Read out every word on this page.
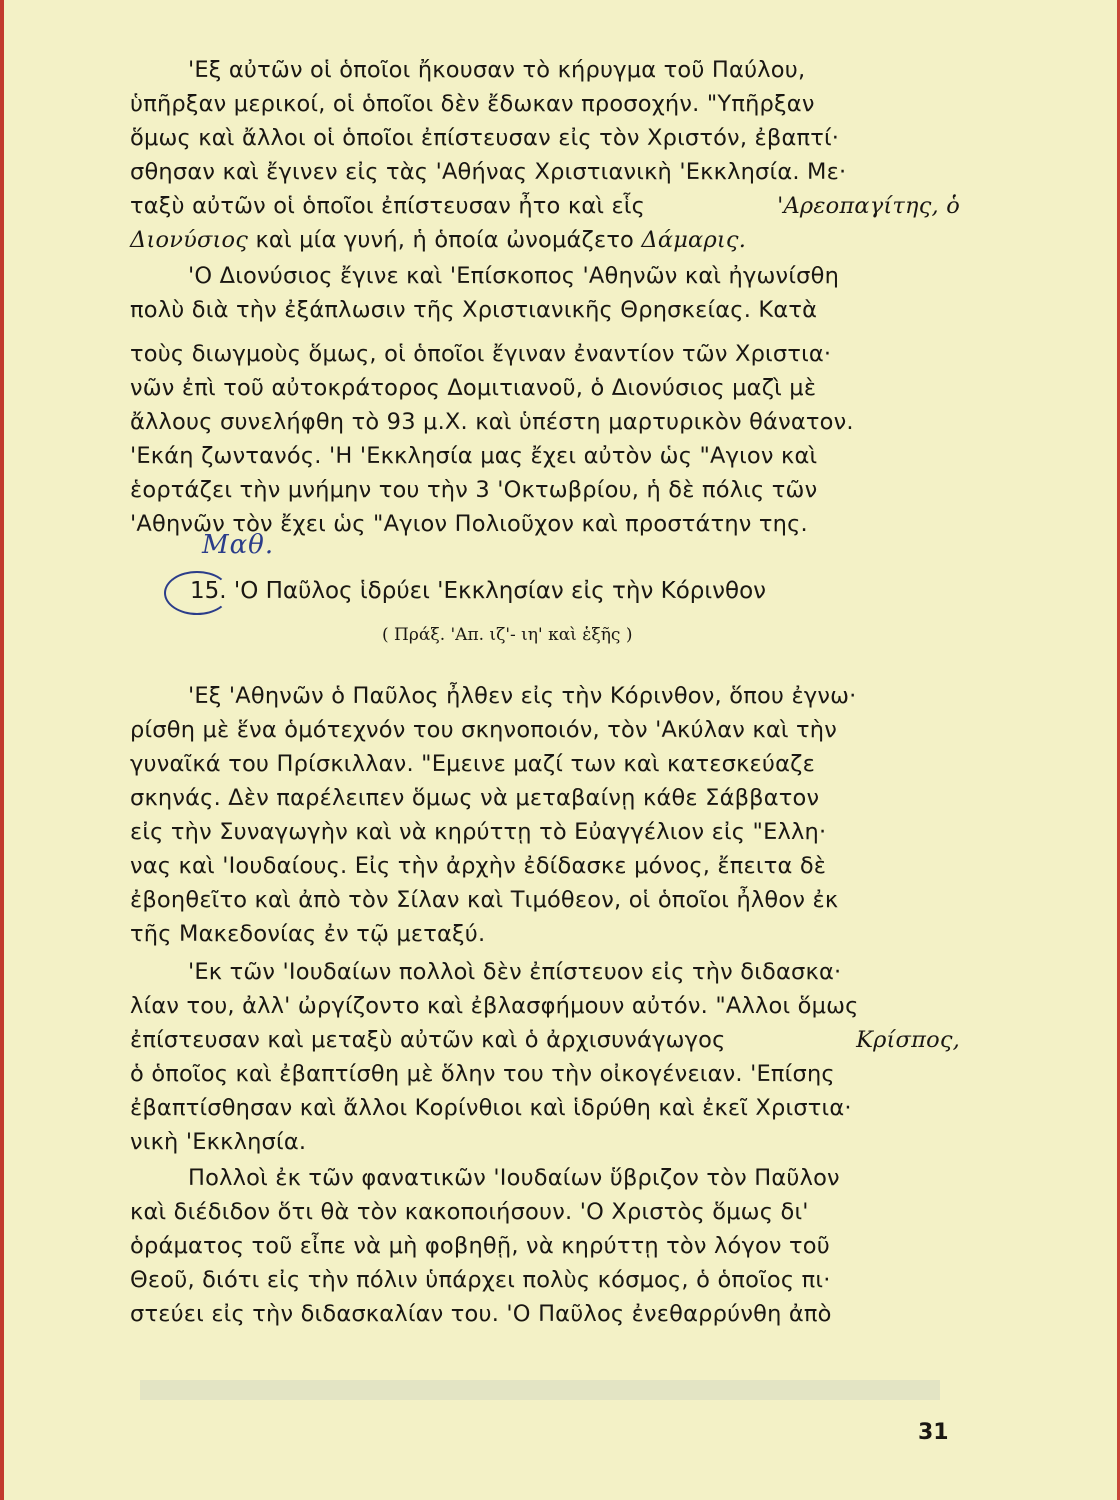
'Εξ αὐτῶν οἱ ὁποῖοι ἤκουσαν τὸ κήρυγμα τοῦ Παύλου,
ὑπῆρξαν μερικοί, οἱ ὁποῖοι δὲν ἔδωκαν προσοχήν. "Υπῆρξαν
ὅμως καὶ ἄλλοι οἱ ὁποῖοι ἐπίστευσαν εἰς τὸν Χριστόν, ἐβαπτί·
σθησαν καὶ ἔγινεν εἰς τὰς 'Αθήνας Χριστιανικὴ 'Εκκλησία. Με·
ταξὺ αὐτῶν οἱ ὁποῖοι ἐπίστευσαν ἦτο καὶ εἷς	'Αρεοπαγίτης, ὁ
Διονύσιος
καὶ μία γυνή, ἡ ὁποία ὠνομάζετο
Δάμαρις.
'Ο Διονύσιος ἔγινε καὶ 'Επίσκοπος 'Αθηνῶν καὶ ἠγωνίσθη
πολὺ διὰ τὴν ἐξάπλωσιν τῆς Χριστιανικῆς Θρησκείας. Κατὰ
τοὺς διωγμοὺς ὅμως, οἱ ὁποῖοι ἔγιναν ἐναντίον τῶν Χριστια·
νῶν ἐπὶ τοῦ αὐτοκράτορος Δομιτιανοῦ, ὁ Διονύσιος μαζὶ μὲ
ἄλλους συνελήφθη τὸ 93 μ.Χ. καὶ ὑπέστη μαρτυρικὸν θάνατον.
'Εκάη ζωντανός. 'Η 'Εκκλησία μας ἔχει αὐτὸν ὡς "Αγιον καὶ
ἑορτάζει τὴν μνήμην του τὴν 3 'Οκτωβρίου, ἡ δὲ πόλις τῶν
'Αθηνῶν τὸν ἔχει ὡς "Αγιον Πολιοῦχον καὶ προστάτην της.
'Εξ 'Αθηνῶν ὁ Παῦλος ἦλθεν εἰς τὴν Κόρινθον, ὅπου ἐγνω·
ρίσθη μὲ ἕνα ὁμότεχνόν του σκηνοποιόν, τὸν 'Ακύλαν καὶ τὴν
γυναῖκά του Πρίσκιλλαν. "Εμεινε μαζί των καὶ κατεσκεύαζε
σκηνάς. Δὲν παρέλειπεν ὅμως νὰ μεταβαίνῃ κάθε Σάββατον
εἰς τὴν Συναγωγὴν καὶ νὰ κηρύττῃ τὸ Εὐαγγέλιον εἰς "Ελλη·
νας καὶ 'Ιουδαίους. Εἰς τὴν ἀρχὴν ἐδίδασκε μόνος, ἔπειτα δὲ
ἐβοηθεῖτο καὶ ἀπὸ τὸν Σίλαν καὶ Τιμόθεον, οἱ ὁποῖοι ἦλθον ἐκ
τῆς Μακεδονίας ἐν τῷ μεταξύ.
'Εκ τῶν 'Ιουδαίων πολλοὶ δὲν ἐπίστευον εἰς τὴν διδασκα·
λίαν του, ἀλλ' ὠργίζοντο καὶ ἐβλασφήμουν αὐτόν. "Αλλοι ὅμως
ἐπίστευσαν καὶ μεταξὺ αὐτῶν καὶ ὁ ἀρχισυνάγωγος	Κρίσπος,
ὁ ὁποῖος καὶ ἐβαπτίσθη μὲ ὅλην του τὴν οἰκογένειαν. 'Επίσης
ἐβαπτίσθησαν καὶ ἄλλοι Κορίνθιοι καὶ ἱδρύθη καὶ ἐκεῖ Χριστια·
νικὴ 'Εκκλησία.
Πολλοὶ ἐκ τῶν φανατικῶν 'Ιουδαίων ὕβριζον τὸν Παῦλον
καὶ διέδιδον ὅτι θὰ τὸν κακοποιήσουν. 'Ο Χριστὸς ὅμως δι'
ὁράματος τοῦ εἶπε νὰ μὴ φοβηθῇ, νὰ κηρύττῃ τὸν λόγον τοῦ
Θεοῦ, διότι εἰς τὴν πόλιν ὑπάρχει πολὺς κόσμος, ὁ ὁποῖος πι·
στεύει εἰς τὴν διδασκαλίαν του. 'Ο Παῦλος ἐνεθαρρύνθη ἀπὸ
Μαθ.
15. 'Ο Παῦλος ἱδρύει 'Εκκλησίαν εἰς τὴν Κόρινθον
( Πράξ. 'Απ. ιζ'- ιη' καὶ ἑξῆς )
31
